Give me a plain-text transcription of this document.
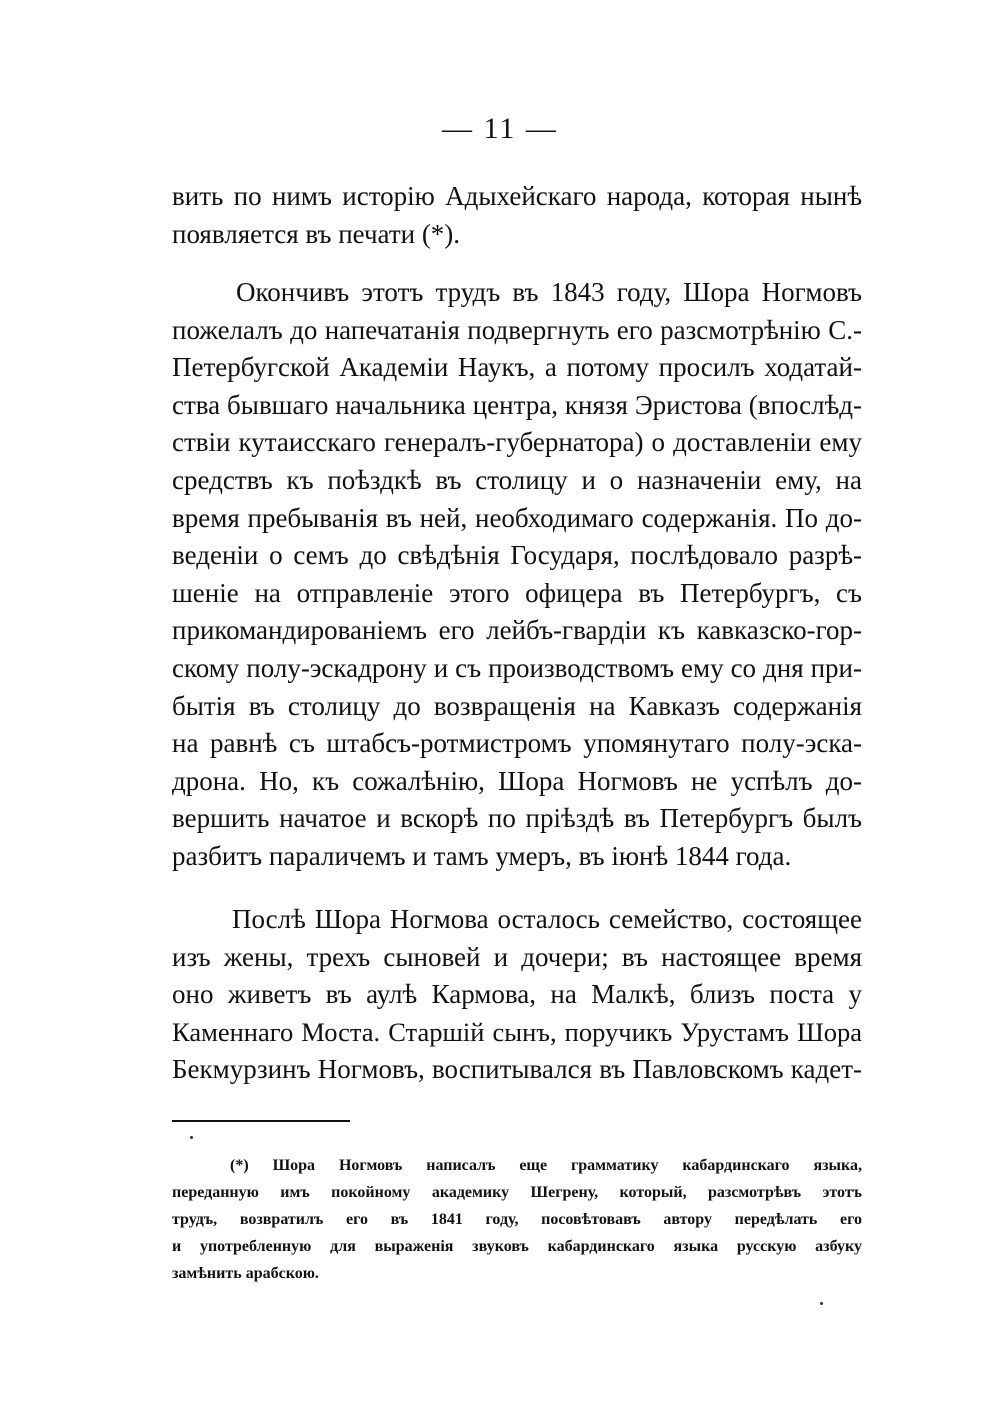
— 11 —

вить по нимъ исторію Адыхейскаго народа, которая нынѣ
появляется въ печати (*).

Окончивъ этотъ трудъ въ 1843 году, Шора Ногмовъ
пожелалъ до напечатанія подвергнуть его разсмотрѣнію С.-
Петербугской Академіи Наукъ, а потому просилъ ходатай-
ства бывшаго начальника центра, князя Эристова (впослѣд-
ствіи кутаисскаго генералъ-губернатора) о доставленіи ему
средствъ къ поѣздкѣ въ столицу и о назначеніи ему, на
время пребыванія въ ней, необходимаго содержанія. По до-
веденіи о семъ до свѣдѣнія Государя, послѣдовало разрѣ-
шеніе на отправленіе этого офицера въ Петербургъ, съ
прикомандированіемъ его лейбъ-гвардіи къ кавказско-гор-
скому полу-эскадрону и съ производствомъ ему со дня при-
бытія въ столицу до возвращенія на Кавказъ содержанія
на равнѣ съ штабсъ-ротмистромъ упомянутаго полу-эска-
дрона. Но, къ сожалѣнію, Шора Ногмовъ не успѣлъ до-
вершить начатое и вскорѣ по пріѣздѣ въ Петербургъ былъ
разбитъ параличемъ и тамъ умеръ, въ іюнѣ 1844 года.

Послѣ Шора Ногмова осталось семейство, состоящее
изъ жены, трехъ сыновей и дочери; въ настоящее время
оно живетъ въ аулѣ Кармова, на Малкѣ, близъ поста у
Каменнаго Моста. Старшій сынъ, поручикъ Урустамъ Шора
Бекмурзинъ Ногмовъ, воспитывался въ Павловскомъ кадет-

(*) Шора Ногмовъ написалъ еще грамматику кабардинскаго языка,
переданную имъ покойному академику Шегрену, который, разсмотрѣвъ этотъ
трудъ, возвратилъ его въ 1841 году, посовѣтовавъ автору передѣлать его
и употребленную для выраженія звуковъ кабардинскаго языка русскую азбуку
замѣнить арабскою.
